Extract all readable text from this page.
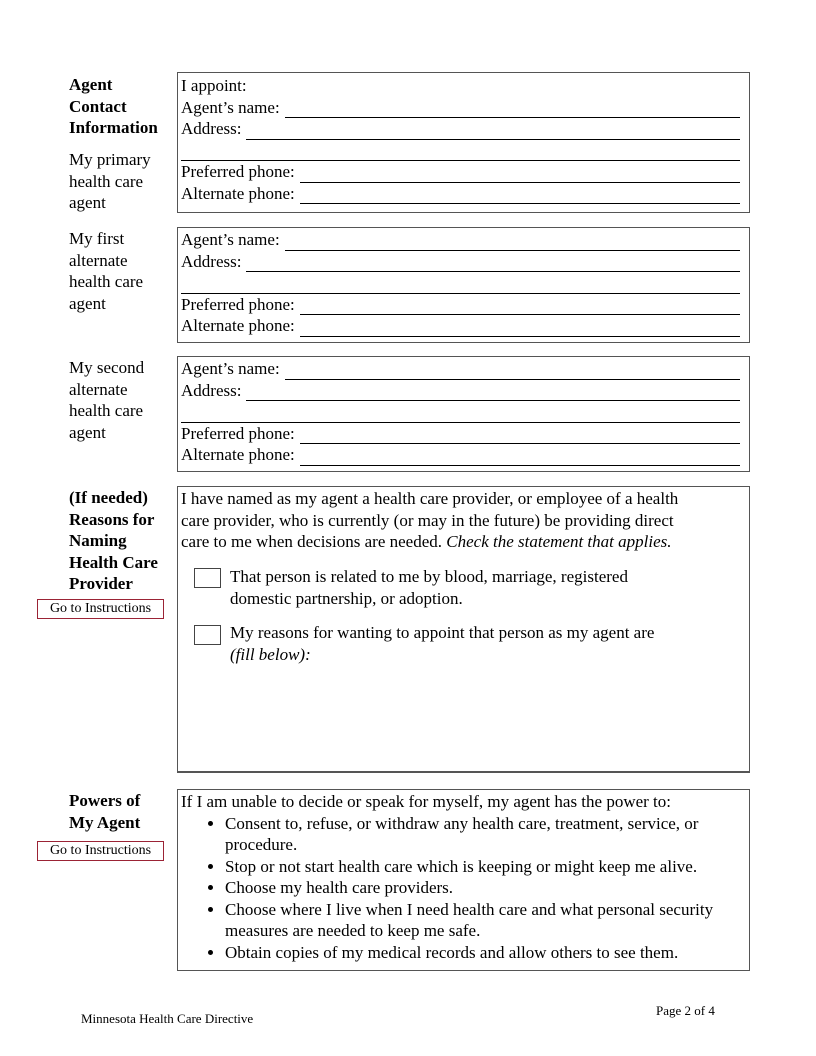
Agent
Contact
Information
My primary
health care
agent
I appoint:
Agent’s name:
Address:
Preferred phone:
Alternate phone:
My first
alternate
health care
agent
Agent’s name:
Address:
Preferred phone:
Alternate phone:
My second
alternate
health care
agent
Agent’s name:
Address:
Preferred phone:
Alternate phone:
(If needed)
Reasons for
Naming
Health Care
Provider
Go to Instructions
I have named as my agent a health care provider, or employee of a health
care provider, who is currently (or may in the future) be providing direct
care to me when decisions are needed. Check the statement that applies.
That person is related to me by blood, marriage, registered
domestic partnership, or adoption.
My reasons for wanting to appoint that person as my agent are
(fill below):
Powers of
My Agent
Go to Instructions
If I am unable to decide or speak for myself, my agent has the power to:
• Consent to, refuse, or withdraw any health care, treatment, service, or procedure.
• Stop or not start health care which is keeping or might keep me alive.
• Choose my health care providers.
• Choose where I live when I need health care and what personal security measures are needed to keep me safe.
• Obtain copies of my medical records and allow others to see them.
Minnesota Health Care Directive
Page 2 of 4
